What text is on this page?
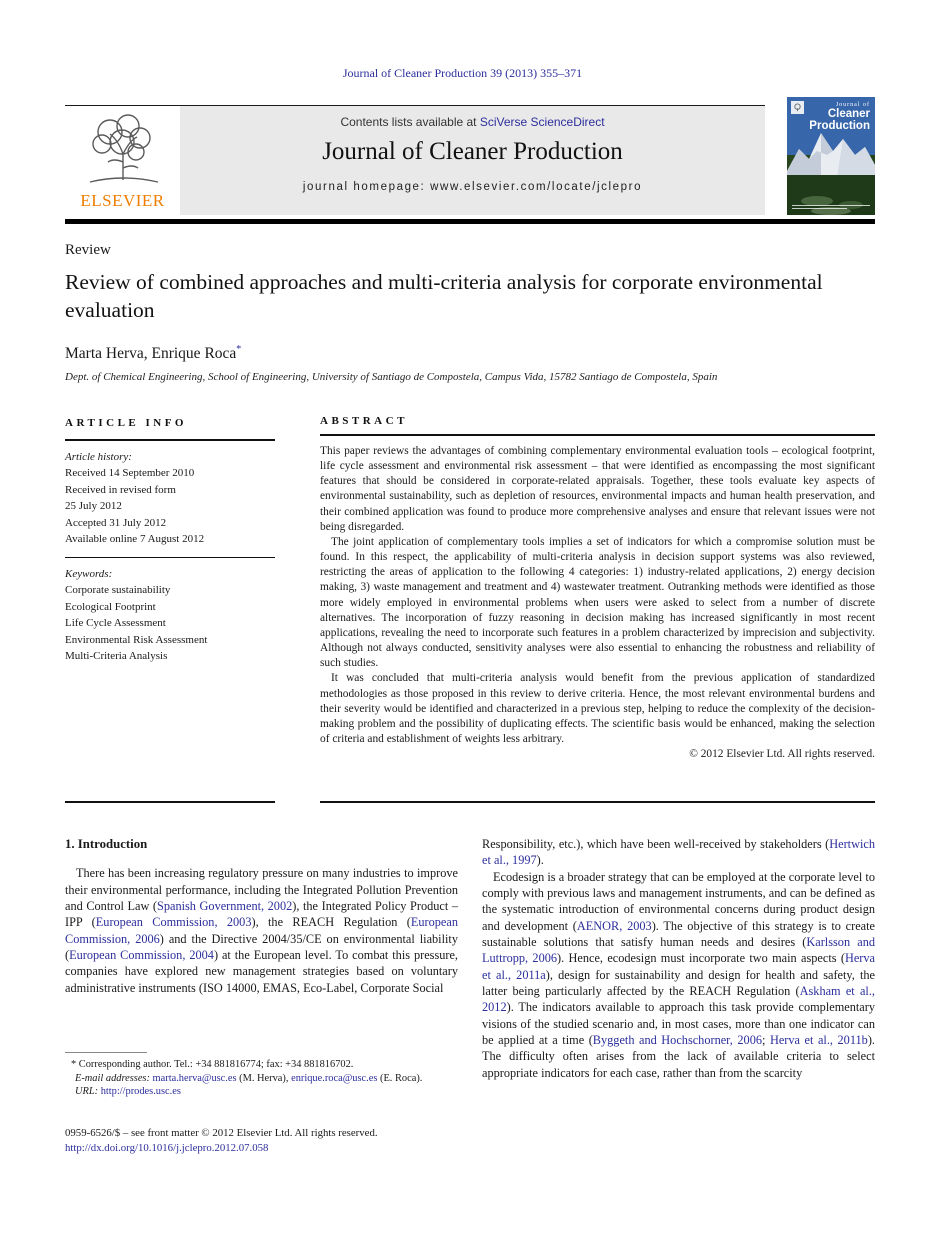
Journal of Cleaner Production 39 (2013) 355–371
ELSEVIER
Contents lists available at SciVerse ScienceDirect
Journal of Cleaner Production
journal homepage: www.elsevier.com/locate/jclepro
Journal of
Cleaner
Production
Review
Review of combined approaches and multi-criteria analysis for corporate environmental evaluation
Marta Herva, Enrique Roca*
Dept. of Chemical Engineering, School of Engineering, University of Santiago de Compostela, Campus Vida, 15782 Santiago de Compostela, Spain
ARTICLE INFO
Article history:
Received 14 September 2010
Received in revised form
25 July 2012
Accepted 31 July 2012
Available online 7 August 2012
Keywords:
Corporate sustainability
Ecological Footprint
Life Cycle Assessment
Environmental Risk Assessment
Multi-Criteria Analysis
ABSTRACT

This paper reviews the advantages of combining complementary environmental evaluation tools – ecological footprint, life cycle assessment and environmental risk assessment – that were identified as encompassing the most significant features that should be considered in corporate-related appraisals. Together, these tools evaluate key aspects of environmental sustainability, such as depletion of resources, environmental impacts and human health preservation, and their combined application was found to produce more comprehensive analyses and ensure that relevant issues were not being disregarded.

The joint application of complementary tools implies a set of indicators for which a compromise solution must be found. In this respect, the applicability of multi-criteria analysis in decision support systems was also reviewed, restricting the areas of application to the following 4 categories: 1) industry-related applications, 2) energy decision making, 3) waste management and treatment and 4) wastewater treatment. Outranking methods were identified as those more widely employed in environmental problems when users were asked to select from a number of discrete alternatives. The incorporation of fuzzy reasoning in decision making has increased significantly in most recent applications, revealing the need to incorporate such features in a problem characterized by imprecision and subjectivity. Although not always conducted, sensitivity analyses were also essential to enhancing the robustness and reliability of such studies.

It was concluded that multi-criteria analysis would benefit from the previous application of standardized methodologies as those proposed in this review to derive criteria. Hence, the most relevant environmental burdens and their severity would be identified and characterized in a previous step, helping to reduce the complexity of the decision-making problem and the possibility of duplicating effects. The scientific basis would be enhanced, making the selection of criteria and establishment of weights less arbitrary.

© 2012 Elsevier Ltd. All rights reserved.
1. Introduction

There has been increasing regulatory pressure on many industries to improve their environmental performance, including the Integrated Pollution Prevention and Control Law (Spanish Government, 2002), the Integrated Policy Product –IPP (European Commission, 2003), the REACH Regulation (European Commission, 2006) and the Directive 2004/35/CE on environmental liability (European Commission, 2004) at the European level. To combat this pressure, companies have explored new management strategies based on voluntary administrative instruments (ISO 14000, EMAS, Eco-Label, Corporate Social

Responsibility, etc.), which have been well-received by stakeholders (Hertwich et al., 1997).

Ecodesign is a broader strategy that can be employed at the corporate level to comply with previous laws and management instruments, and can be defined as the systematic introduction of environmental concerns during product design and development (AENOR, 2003). The objective of this strategy is to create sustainable solutions that satisfy human needs and desires (Karlsson and Luttropp, 2006). Hence, ecodesign must incorporate two main aspects (Herva et al., 2011a), design for sustainability and design for health and safety, the latter being particularly affected by the REACH Regulation (Askham et al., 2012). The indicators available to approach this task provide complementary visions of the studied scenario and, in most cases, more than one indicator can be applied at a time (Byggeth and Hochschorner, 2006; Herva et al., 2011b). The difficulty often arises from the lack of available criteria to select appropriate indicators for each case, rather than from the scarcity

* Corresponding author. Tel.: +34 881816774; fax: +34 881816702.
E-mail addresses: marta.herva@usc.es (M. Herva), enrique.roca@usc.es (E. Roca).
URL: http://prodes.usc.es
0959-6526/$ – see front matter © 2012 Elsevier Ltd. All rights reserved.
http://dx.doi.org/10.1016/j.jclepro.2012.07.058
